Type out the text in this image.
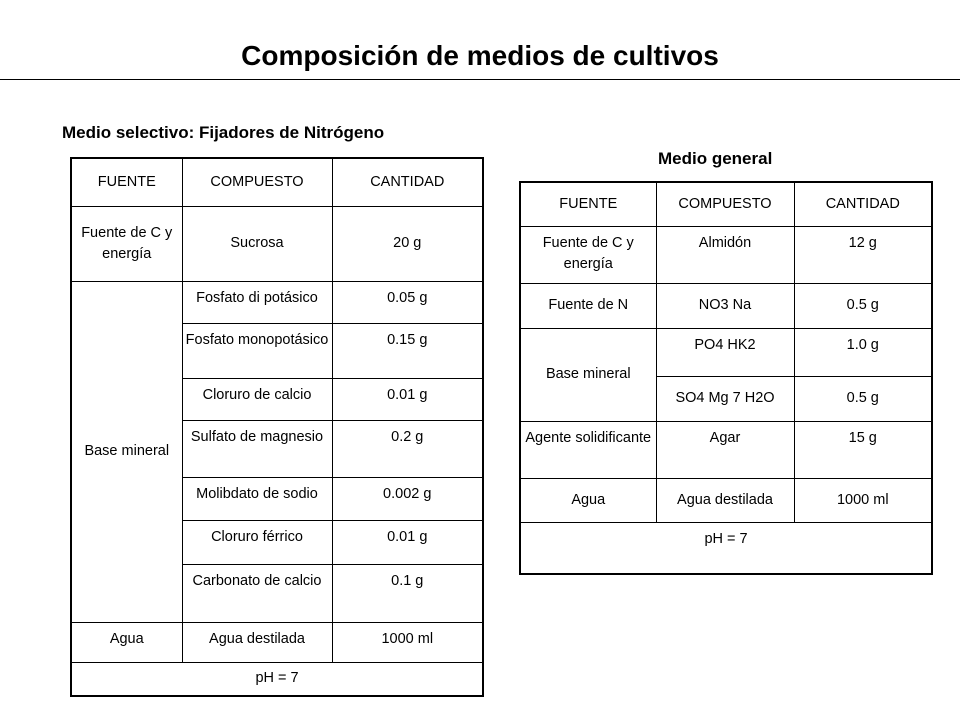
Composición de medios de cultivos
Medio selectivo: Fijadores de Nitrógeno
FUENTE	COMPUESTO	CANTIDAD
Fuente de C y energía	Sucrosa	20 g
Base mineral	Fosfato di potásico	0.05 g
	Fosfato monopotásico	0.15 g
	Cloruro de calcio	0.01 g
	Sulfato de magnesio	0.2 g
	Molibdato de sodio	0.002 g
	Cloruro férrico	0.01 g
	Carbonato de calcio	0.1 g
Agua	Agua destilada	1000 ml
pH = 7		
Medio general
FUENTE	COMPUESTO	CANTIDAD
Fuente de C y energía	Almidón	12 g
Fuente de N	NO3 Na	0.5 g
Base mineral	PO4 HK2	1.0 g
	SO4 Mg 7 H2O	0.5 g
Agente solidificante	Agar	15 g
Agua	Agua destilada	1000 ml
pH = 7		
